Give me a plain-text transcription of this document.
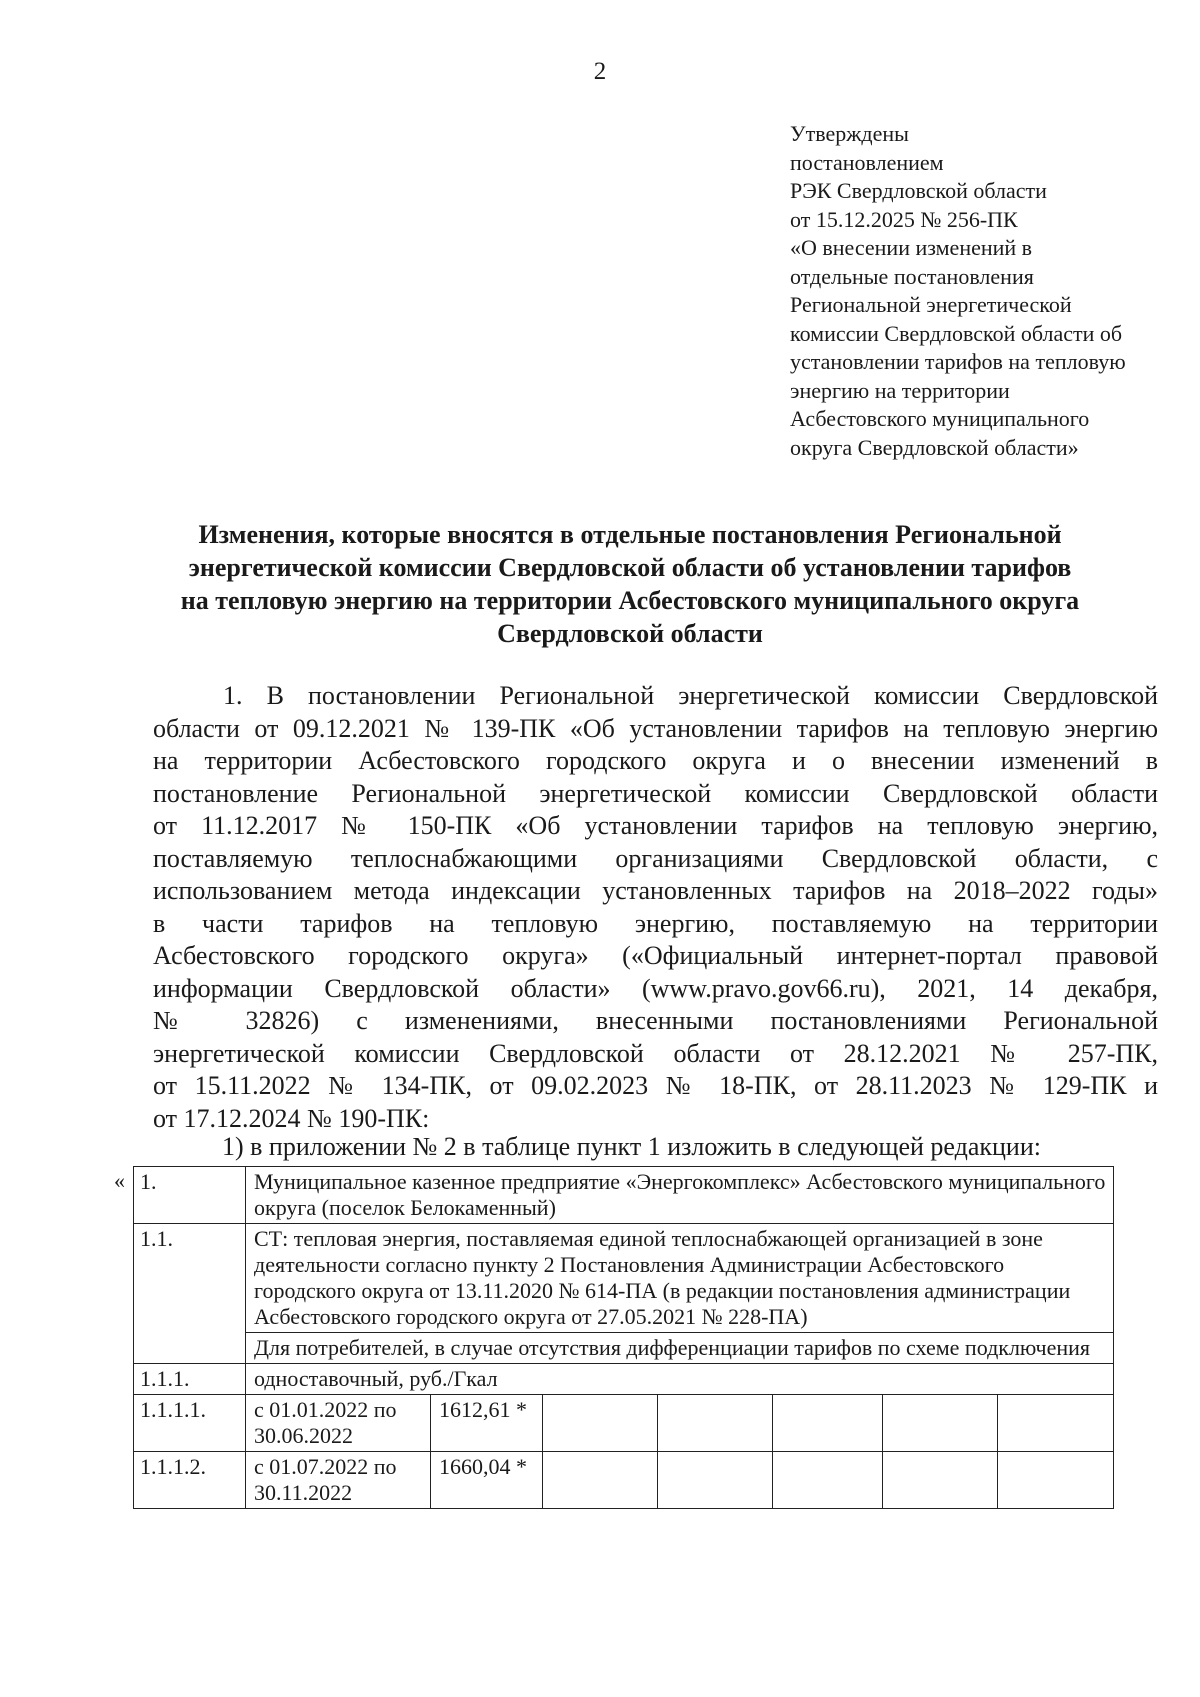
2
Утверждены
постановлением
РЭК Свердловской области
от 15.12.2025 № 256-ПК
«О внесении изменений в
отдельные постановления
Региональной энергетической
комиссии Свердловской области об
установлении тарифов на тепловую
энергию на территории
Асбестовского муниципального
округа Свердловской области»
Изменения, которые вносятся в отдельные постановления Региональной
энергетической комиссии Свердловской области об установлении тарифов
на тепловую энергию на территории Асбестовского муниципального округа
Свердловской области
1. В постановлении Региональной энергетической комиссии Свердловской
области от 09.12.2021 № 139-ПК «Об установлении тарифов на тепловую энергию
на территории Асбестовского городского округа и о внесении изменений в
постановление Региональной энергетической комиссии Свердловской области
от 11.12.2017 № 150-ПК «Об установлении тарифов на тепловую энергию,
поставляемую теплоснабжающими организациями Свердловской области, с
использованием метода индексации установленных тарифов на 2018–2022 годы»
в части тарифов на тепловую энергию, поставляемую на территории
Асбестовского городского округа» («Официальный интернет-портал правовой
информации Свердловской области» (www.pravo.gov66.ru), 2021, 14 декабря,
№ 32826) с изменениями, внесенными постановлениями Региональной
энергетической комиссии Свердловской области от 28.12.2021 № 257-ПК,
от 15.11.2022 № 134-ПК, от 09.02.2023 № 18-ПК, от 28.11.2023 № 129-ПК и
от 17.12.2024 № 190-ПК:
1) в приложении № 2 в таблице пункт 1 изложить в следующей редакции:
« 1.	Муниципальное казенное предприятие «Энергокомплекс» Асбестовского муниципального округа (поселок Белокаменный)						
1.1.	СТ: тепловая энергия, поставляемая единой теплоснабжающей организацией в зоне деятельности согласно пункту 2 Постановления Администрации Асбестовского городского округа от 13.11.2020 № 614-ПА (в редакции постановления администрации Асбестовского городского округа от 27.05.2021 № 228-ПА)						
	Для потребителей, в случае отсутствия дифференциации тарифов по схеме подключения						
1.1.1.	одноставочный, руб./Гкал						
1.1.1.1.	с 01.01.2022 по 30.06.2022	1612,61 *					
1.1.1.2.	с 01.07.2022 по 30.11.2022	1660,04 *					
